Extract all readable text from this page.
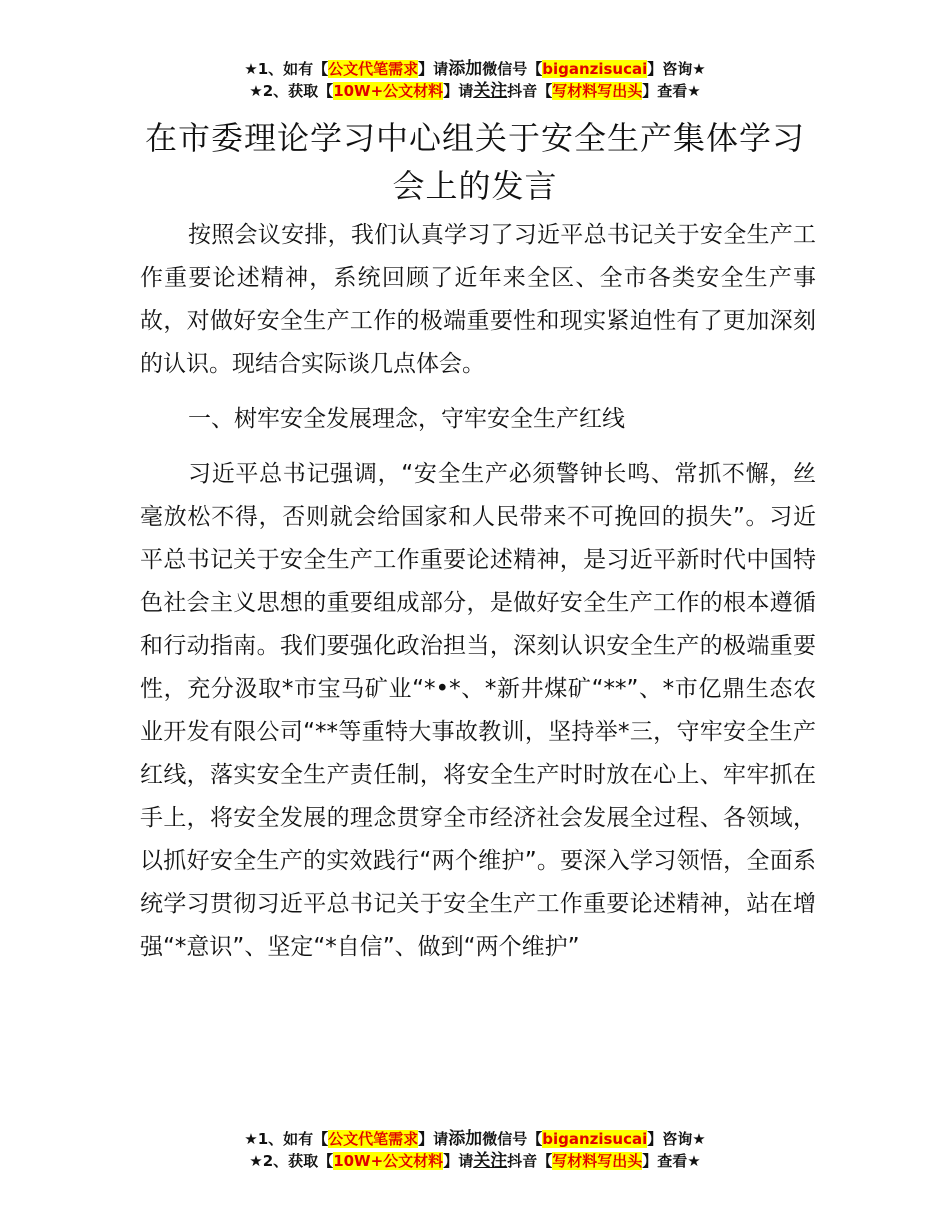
★1、如有【公文代笔需求】请添加微信号【biganzisucai】咨询★
★2、获取【10W+公文材料】请关注抖音【写材料写出头】查看★
在市委理论学习中心组关于安全生产集体学习
会上的发言

按照会议安排，我们认真学习了习近平总书记关于安全生产工作重要论述精神，系统回顾了近年来全区、全市各类安全生产事故，对做好安全生产工作的极端重要性和现实紧迫性有了更加深刻的认识。现结合实际谈几点体会。

一、树牢安全发展理念，守牢安全生产红线

习近平总书记强调，“安全生产必须警钟长鸣、常抓不懈，丝毫放松不得，否则就会给国家和人民带来不可挽回的损失”。习近平总书记关于安全生产工作重要论述精神，是习近平新时代中国特色社会主义思想的重要组成部分，是做好安全生产工作的根本遵循和行动指南。我们要强化政治担当，深刻认识安全生产的极端重要性，充分汲取*市宝马矿业“*•*、*新井煤矿“**”、*市亿鼎生态农业开发有限公司“**等重特大事故教训，坚持举*三，守牢安全生产红线，落实安全生产责任制，将安全生产时时放在心上、牢牢抓在手上，将安全发展的理念贯穿全市经济社会发展全过程、各领域，以抓好安全生产的实效践行“两个维护”。要深入学习领悟，全面系统学习贯彻习近平总书记关于安全生产工作重要论述精神，站在增强“*意识”、坚定“*自信”、做到“两个维护”

★1、如有【公文代笔需求】请添加微信号【biganzisucai】咨询★
★2、获取【10W+公文材料】请关注抖音【写材料写出头】查看★
